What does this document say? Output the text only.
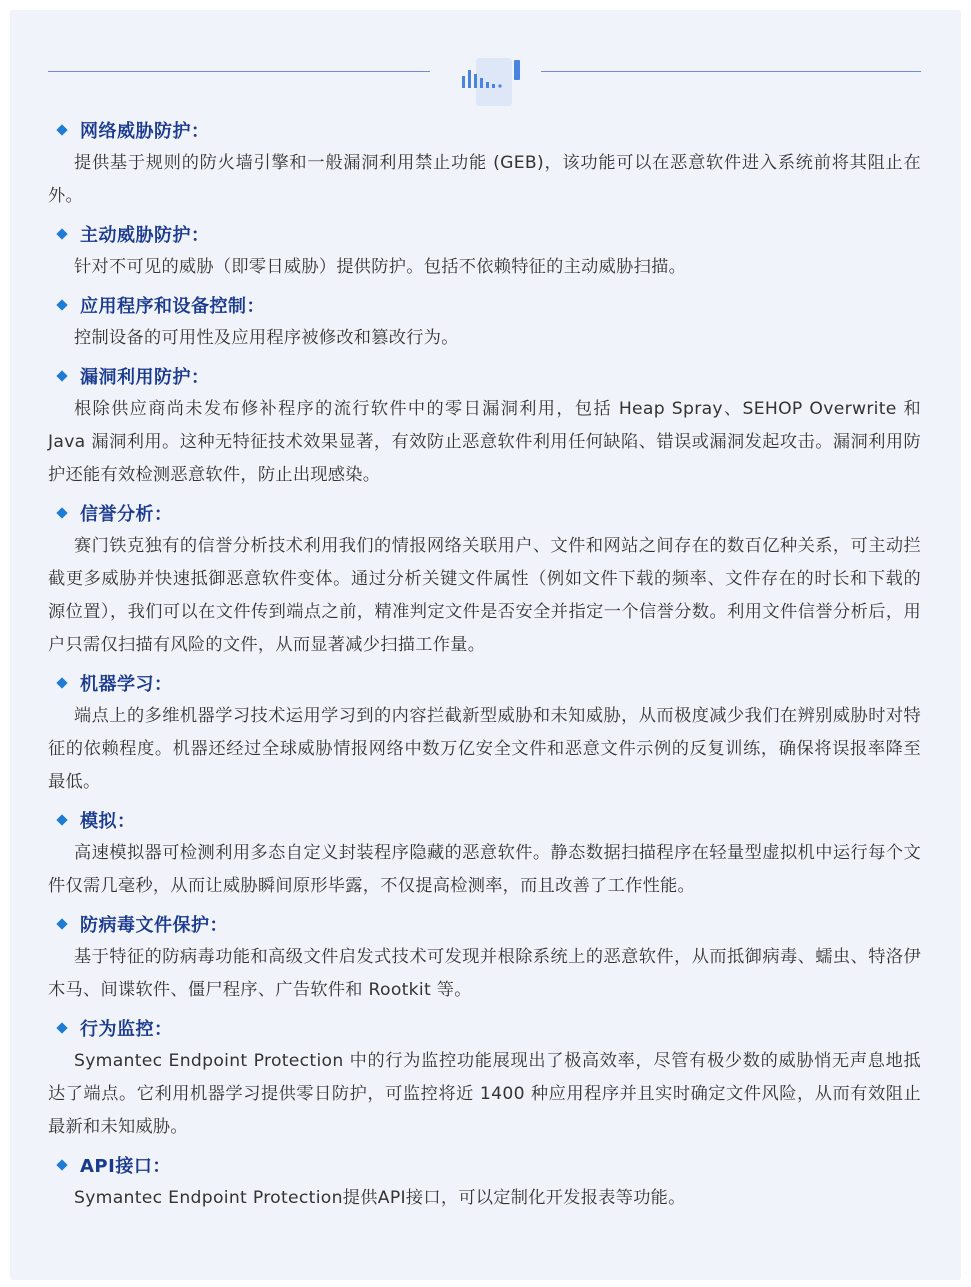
网络威胁防护：

提供基于规则的防火墙引擎和一般漏洞利用禁止功能 (GEB)，该功能可以在恶意软件进入系统前将其阻止在外。

主动威胁防护：

针对不可见的威胁（即零日威胁）提供防护。包括不依赖特征的主动威胁扫描。

应用程序和设备控制：

控制设备的可用性及应用程序被修改和篡改行为。

漏洞利用防护：

根除供应商尚未发布修补程序的流行软件中的零日漏洞利用，包括 Heap Spray、SEHOP Overwrite 和Java 漏洞利用。这种无特征技术效果显著，有效防止恶意软件利用任何缺陷、错误或漏洞发起攻击。漏洞利用防护还能有效检测恶意软件，防止出现感染。

信誉分析：

赛门铁克独有的信誉分析技术利用我们的情报网络关联用户、文件和网站之间存在的数百亿种关系，可主动拦截更多威胁并快速抵御恶意软件变体。通过分析关键文件属性（例如文件下载的频率、文件存在的时长和下载的源位置），我们可以在文件传到端点之前，精准判定文件是否安全并指定一个信誉分数。利用文件信誉分析后，用户只需仅扫描有风险的文件，从而显著减少扫描工作量。

机器学习：

端点上的多维机器学习技术运用学习到的内容拦截新型威胁和未知威胁，从而极度减少我们在辨别威胁时对特征的依赖程度。机器还经过全球威胁情报网络中数万亿安全文件和恶意文件示例的反复训练，确保将误报率降至最低。

模拟：

高速模拟器可检测利用多态自定义封装程序隐藏的恶意软件。静态数据扫描程序在轻量型虚拟机中运行每个文件仅需几毫秒，从而让威胁瞬间原形毕露，不仅提高检测率，而且改善了工作性能。

防病毒文件保护：

基于特征的防病毒功能和高级文件启发式技术可发现并根除系统上的恶意软件，从而抵御病毒、蠕虫、特洛伊木马、间谍软件、僵尸程序、广告软件和 Rootkit 等。

行为监控：

Symantec Endpoint Protection 中的行为监控功能展现出了极高效率，尽管有极少数的威胁悄无声息地抵达了端点。它利用机器学习提供零日防护，可监控将近 1400 种应用程序并且实时确定文件风险，从而有效阻止最新和未知威胁。

API接口：

Symantec Endpoint Protection提供API接口，可以定制化开发报表等功能。
